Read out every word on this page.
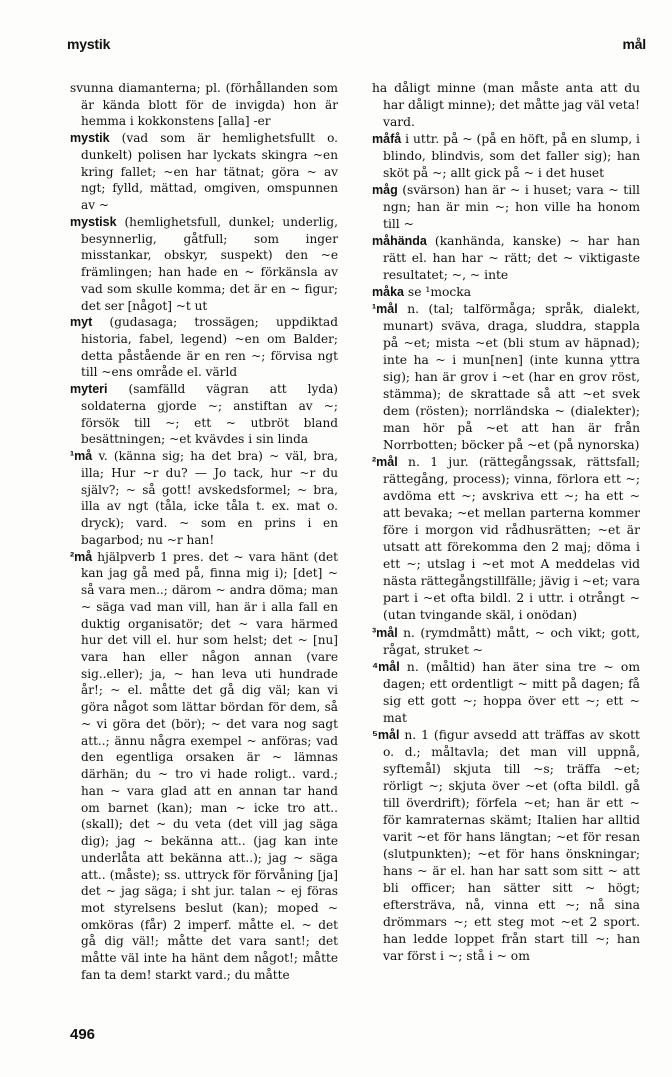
mystik	mål

svunna diamanterna; pl. (förhållanden som är kända blott för de invigda) hon är hemma i kokkonstens [alla] -er

mystik (vad som är hemlighetsfullt o. dunkelt) polisen har lyckats skingra ~en kring fallet; ~en har tätnat; göra ~ av ngt; fylld, mättad, omgiven, omspunnen av ~

mystisk (hemlighetsfull, dunkel; underlig, besynnerlig, gåtfull; som inger misstankar, obskyr, suspekt) den ~e främlingen; han hade en ~ förkänsla av vad som skulle komma; det är en ~ figur; det ser [något] ~t ut

myt (gudasaga; trossägen; uppdiktad historia, fabel, legend) ~en om Balder; detta påstående är en ren ~; förvisa ngt till ~ens område el. värld

myteri (samfälld vägran att lyda) soldaterna gjorde ~; anstiftan av ~; försök till ~; ett ~ utbröt bland besättningen; ~et kvävdes i sin linda

¹må v. (känna sig; ha det bra) ~ väl, bra, illa; Hur ~r du? — Jo tack, hur ~r du själv?; ~ så gott! avskedsformel; ~ bra, illa av ngt (tåla, icke tåla t. ex. mat o. dryck); vard. ~ som en prins i en bagarbod; nu ~r han!

²må hjälpverb 1 pres. det ~ vara hänt (det kan jag gå med på, finna mig i); [det] ~ så vara men..; därom ~ andra döma; man ~ säga vad man vill, han är i alla fall en duktig organisatör; det ~ vara härmed hur det vill el. hur som helst; det ~ [nu] vara han eller någon annan (vare sig..eller); ja, ~ han leva uti hundrade år!; ~ el. måtte det gå dig väl; kan vi göra något som lättar bördan för dem, så ~ vi göra det (bör); ~ det vara nog sagt att..; ännu några exempel ~ anföras; vad den egentliga orsaken är ~ lämnas därhän; du ~ tro vi hade roligt.. vard.; han ~ vara glad att en annan tar hand om barnet (kan); man ~ icke tro att.. (skall); det ~ du veta (det vill jag säga dig); jag ~ bekänna att.. (jag kan inte underlåta att bekänna att..); jag ~ säga att.. (måste); ss. uttryck för förvåning [ja] det ~ jag säga; i sht jur. talan ~ ej föras mot styrelsens beslut (kan); moped ~ omköras (får) 2 imperf. måtte el. ~ det gå dig väl!; måtte det vara sant!; det måtte väl inte ha hänt dem något!; måtte fan ta dem! starkt vard.; du måtte

ha dåligt minne (man måste anta att du har dåligt minne); det måtte jag väl veta! vard.

måfå i uttr. på ~ (på en höft, på en slump, i blindo, blindvis, som det faller sig); han sköt på ~; allt gick på ~ i det huset

måg (svärson) han är ~ i huset; vara ~ till ngn; han är min ~; hon ville ha honom till ~

måhända (kanhända, kanske) ~ har han rätt el. han har ~ rätt; det ~ viktigaste resultatet; ~, ~ inte

måka se ¹mocka

¹mål n. (tal; talförmåga; språk, dialekt, munart) sväva, draga, sluddra, stappla på ~et; mista ~et (bli stum av häpnad); inte ha ~ i mun[nen] (inte kunna yttra sig); han är grov i ~et (har en grov röst, stämma); de skrattade så att ~et svek dem (rösten); norrländska ~ (dialekter); man hör på ~et att han är från Norrbotten; böcker på ~et (på nynorska)

²mål n. 1 jur. (rättegångssak, rättsfall; rättegång, process); vinna, förlora ett ~; avdöma ett ~; avskriva ett ~; ha ett ~ att bevaka; ~et mellan parterna kommer före i morgon vid rådhusrätten; ~et är utsatt att förekomma den 2 maj; döma i ett ~; utslag i ~et mot A meddelas vid nästa rättegångstillfälle; jävig i ~et; vara part i ~et ofta bildl. 2 i uttr. i otrångt ~ (utan tvingande skäl, i onödan)

³mål n. (rymdmått) mått, ~ och vikt; gott, rågat, struket ~

⁴mål n. (måltid) han äter sina tre ~ om dagen; ett ordentligt ~ mitt på dagen; få sig ett gott ~; hoppa över ett ~; ett ~ mat

⁵mål n. 1 (figur avsedd att träffas av skott o. d.; måltavla; det man vill uppnå, syftemål) skjuta till ~s; träffa ~et; rörligt ~; skjuta över ~et (ofta bildl. gå till överdrift); förfela ~et; han är ett ~ för kamraternas skämt; Italien har alltid varit ~et för hans längtan; ~et för resan (slutpunkten); ~et för hans önskningar; hans ~ är el. han har satt som sitt ~ att bli officer; han sätter sitt ~ högt; eftersträva, nå, vinna ett ~; nå sina drömmars ~; ett steg mot ~et 2 sport. han ledde loppet från start till ~; han var först i ~; stå i ~ om

496
